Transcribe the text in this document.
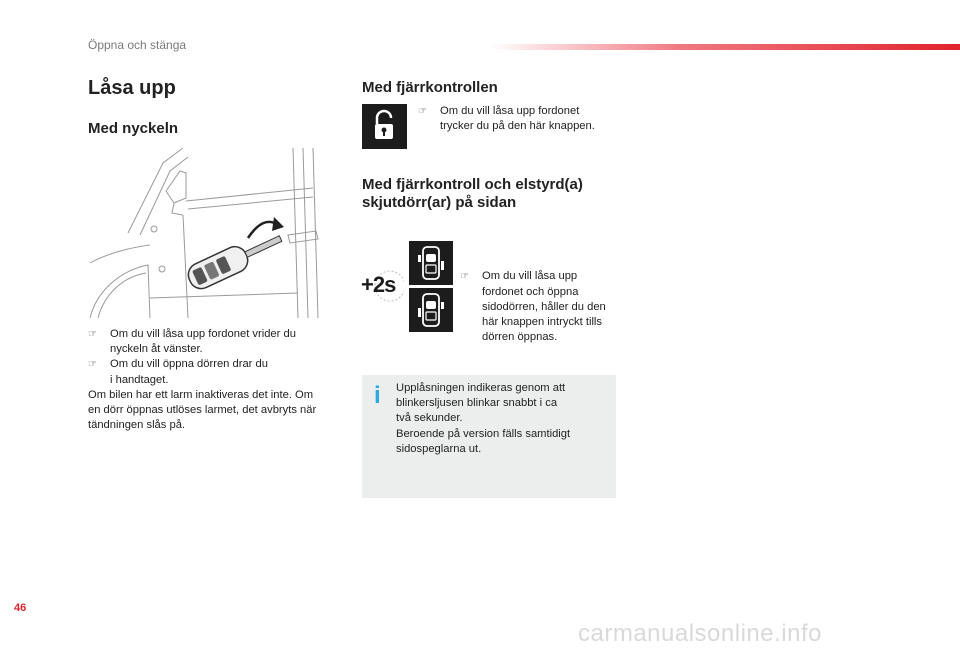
Öppna och stänga
Låsa upp
Med nyckeln
☞ Om du vill låsa upp fordonet vrider du
nyckeln åt vänster.
☞ Om du vill öppna dörren drar du
i handtaget.
Om bilen har ett larm inaktiveras det inte. Om
en dörr öppnas utlöses larmet, det avbryts när
tändningen slås på.
Med fjärrkontrollen
☞ Om du vill låsa upp fordonet
trycker du på den här knappen.
Med fjärrkontroll och elstyrd(a)
skjutdörr(ar) på sidan
+2s	☞ Om du vill låsa upp
fordonet och öppna
sidodörren, håller du den
här knappen intryckt tills
dörren öppnas.
i Upplåsningen indikeras genom att
blinkersljusen blinkar snabbt i ca
två sekunder.
Beroende på version fälls samtidigt
sidospeglarna ut.
46
carmanualsonline.info
